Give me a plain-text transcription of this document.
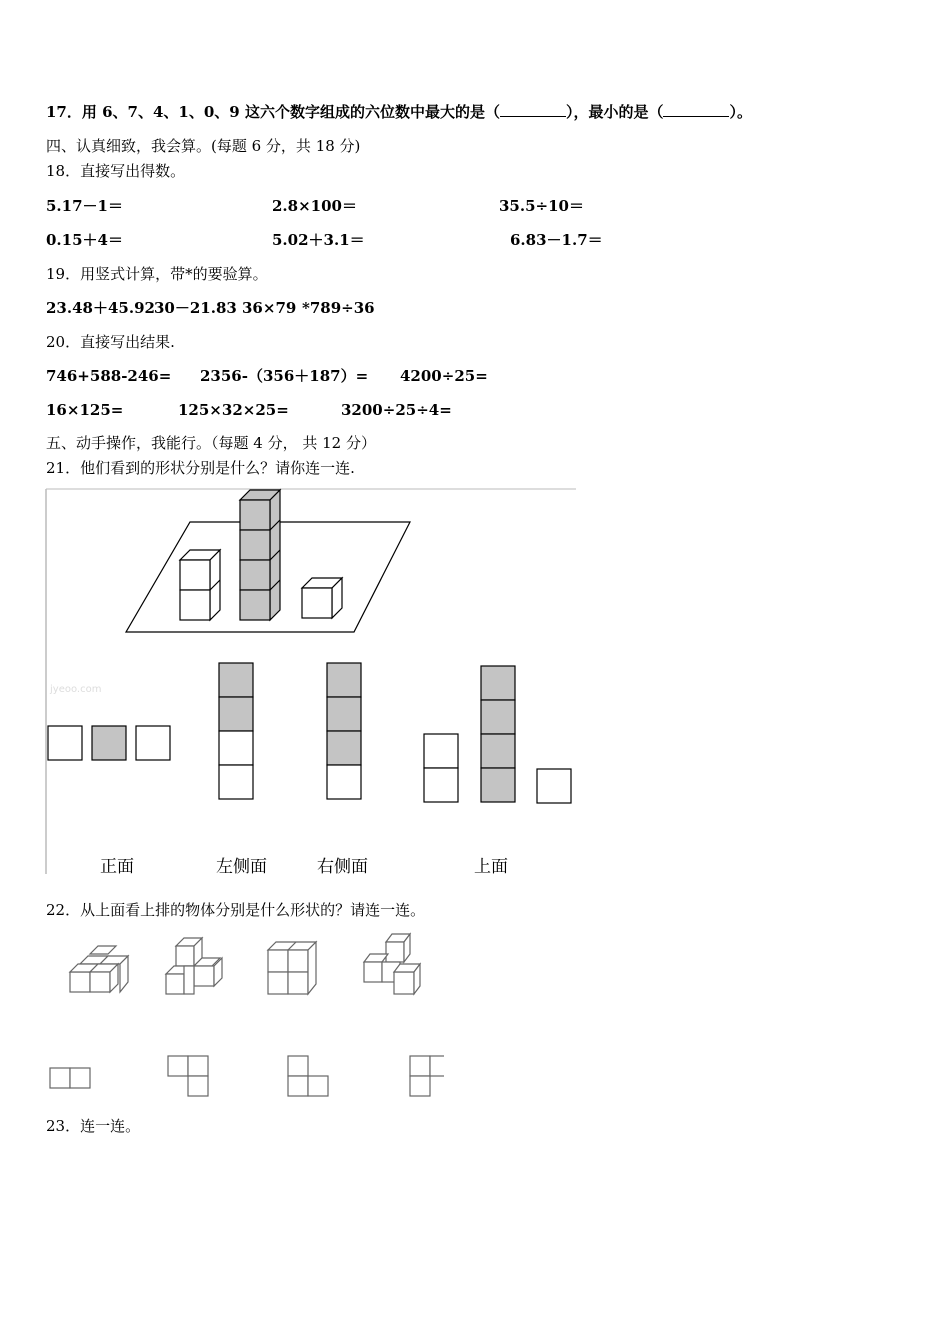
17．用 6、7、4、1、0、9 这六个数字组成的六位数中最大的是（	），最小的是（	）。
四、认真细致，我会算。(每题 6 分，共 18 分)
18．直接写出得数。
5.17－1＝	2.8×100＝	35.5÷10＝
0.15＋4＝	5.02＋3.1＝	6.83－1.7＝
19．用竖式计算，带*的要验算。
23.48＋45.92 30－21.83 36×79 *789÷36
20．直接写出结果.
746+588-246= 2356-（356＋187）= 4200÷25=
16×125=	125×32×25=	3200÷25÷4=
五、动手操作，我能行。（每题 4 分， 共 12 分）
21．他们看到的形状分别是什么？请你连一连.
jyeoo.com
正面	左侧面	右侧面	上面
22．从上面看上排的物体分别是什么形状的？请连一连。
23．连一连。
